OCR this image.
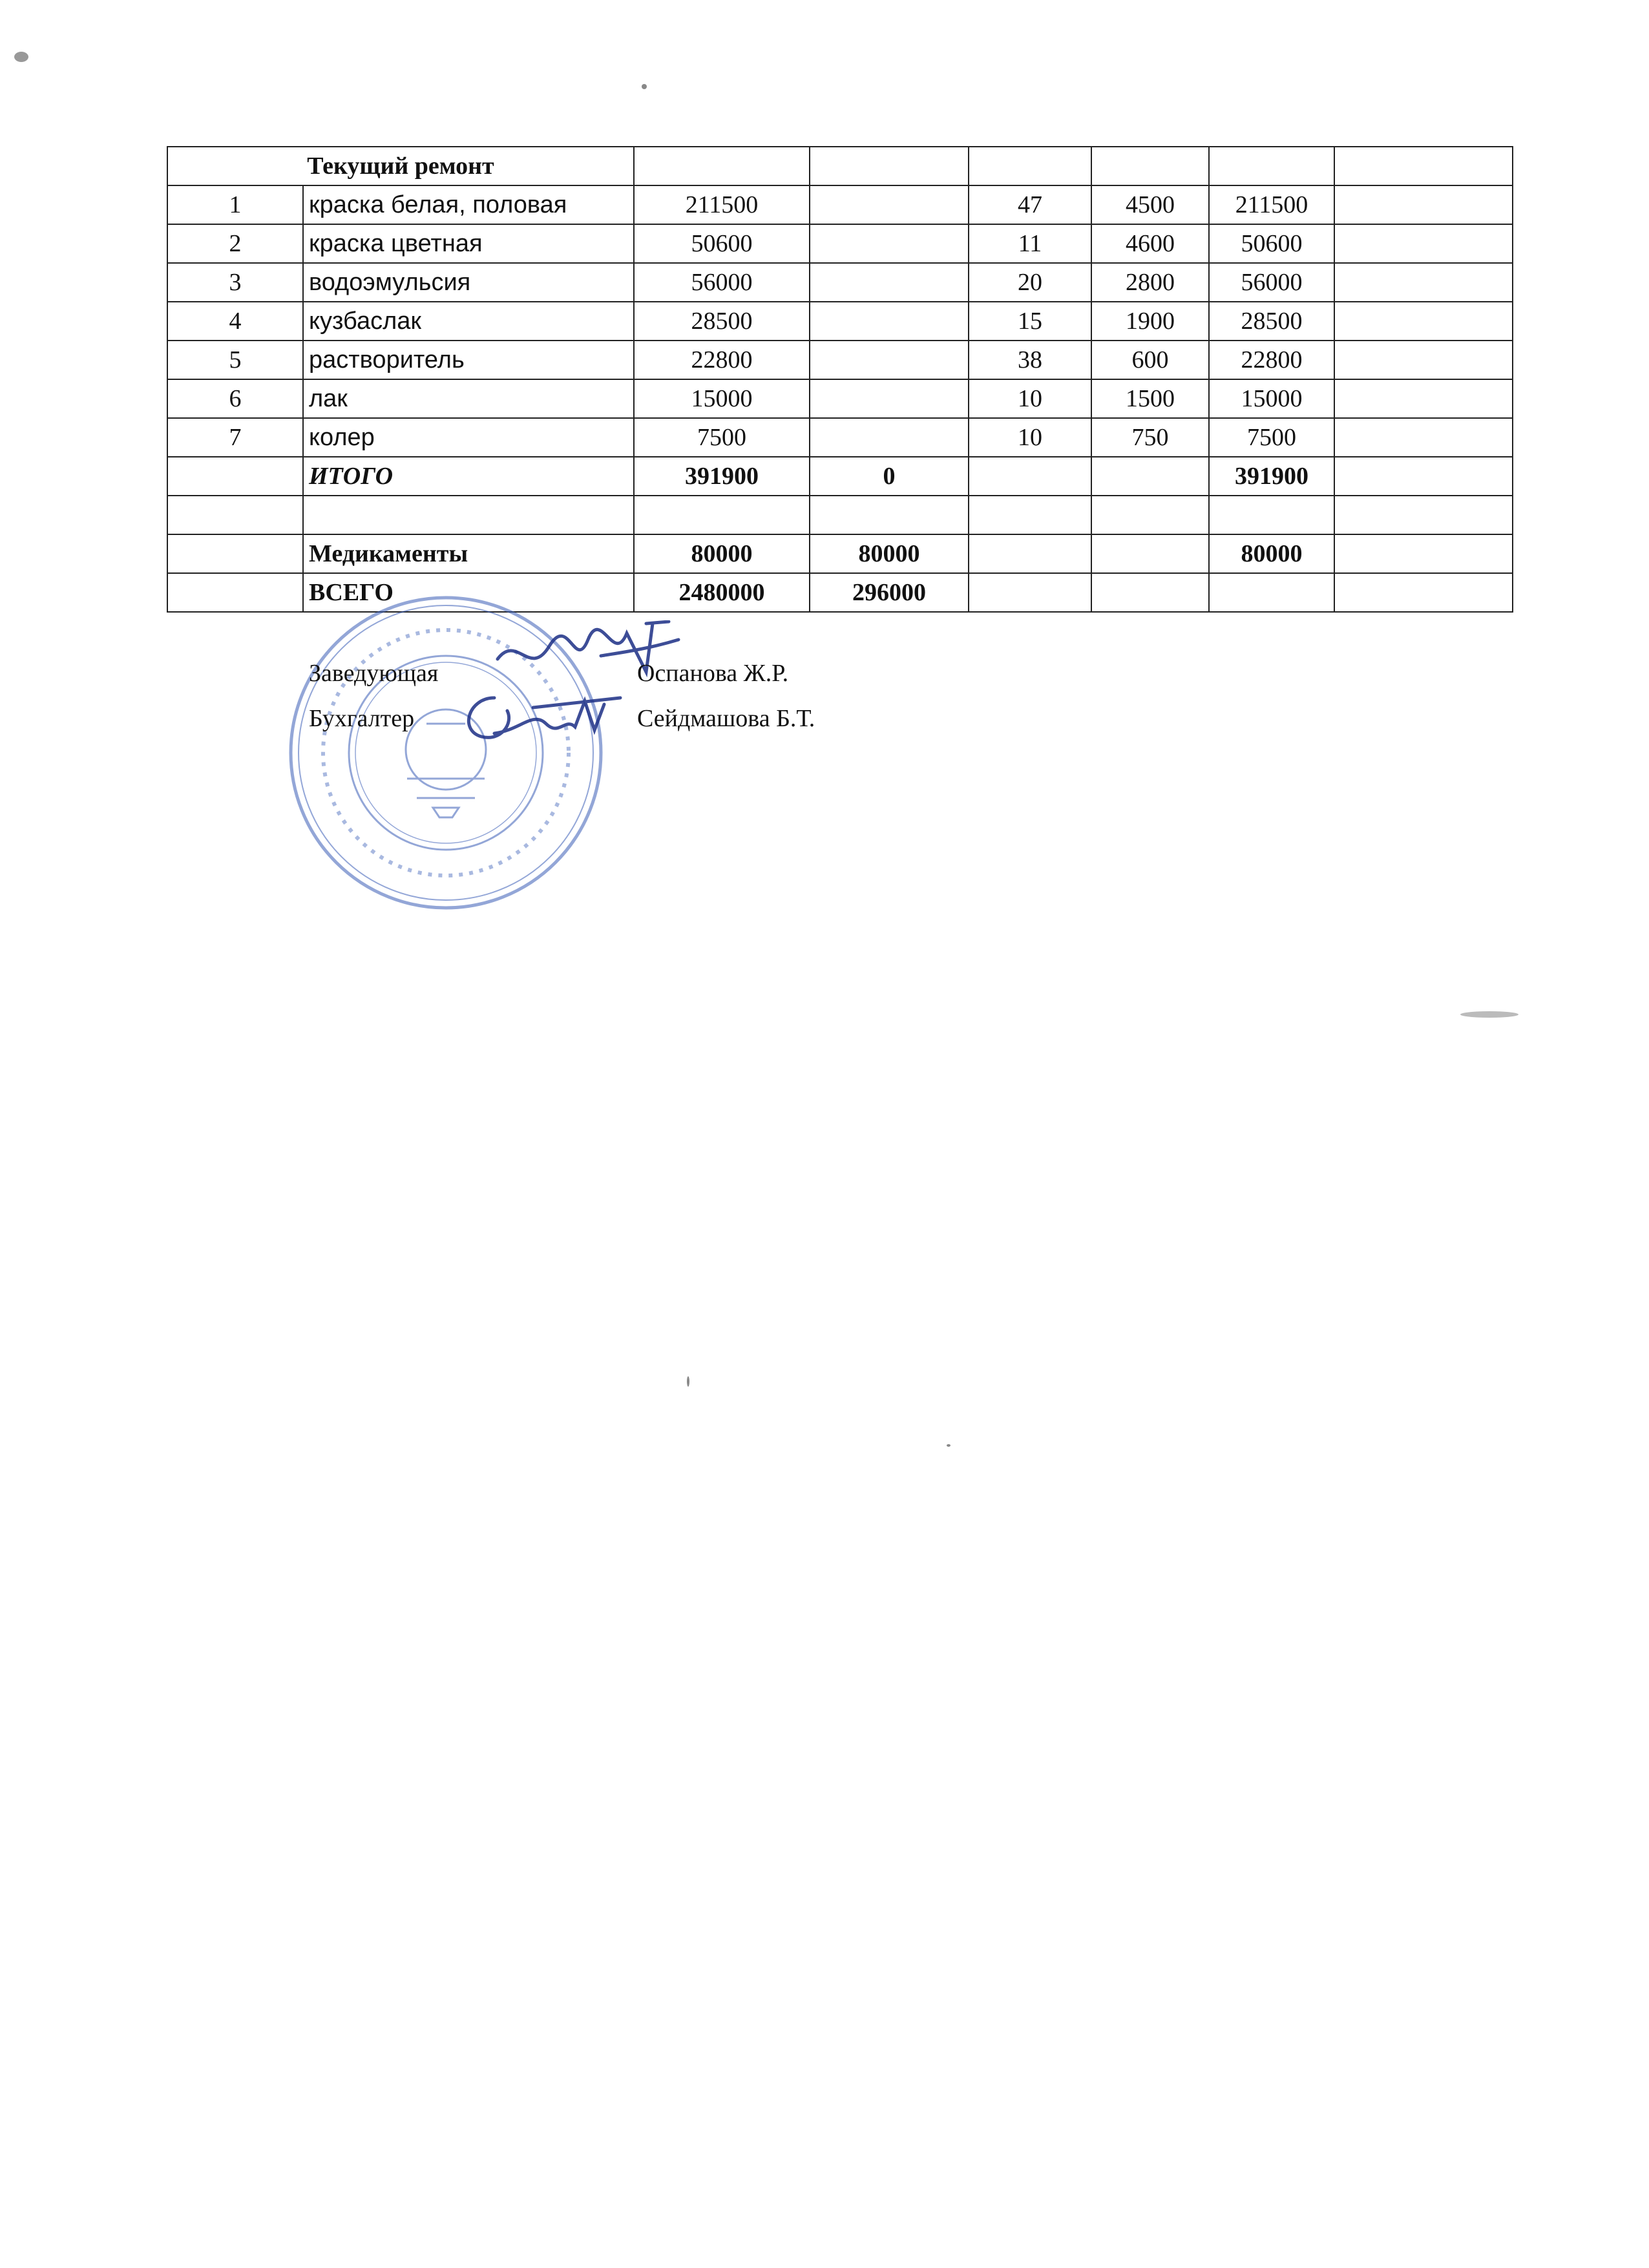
Текущий ремонт							
1	краска белая, половая	211500		47	4500	211500	
2	краска цветная	50600		11	4600	50600	
3	водоэмульсия	56000		20	2800	56000	
4	кузбаслак	28500		15	1900	28500	
5	растворитель	22800		38	600	22800	
6	лак	15000		10	1500	15000	
7	колер	7500		10	750	7500	
	ИТОГО	391900	0			391900	

	Медикаменты	80000	80000			80000	
	ВСЕГО	2480000	296000				
Заведующая	Оспанова Ж.Р.
Бухгалтер	Сейдмашова Б.Т.
